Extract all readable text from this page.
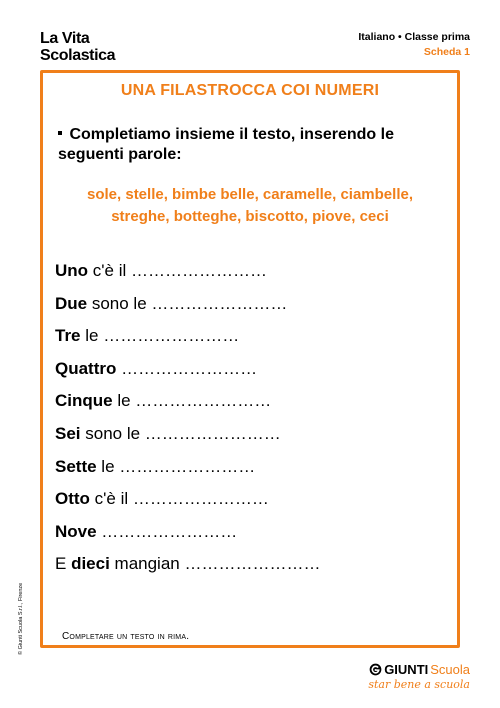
La Vita
Scolastica
Italiano • Classe prima
Scheda 1
UNA FILASTROCCA COI NUMERI
Completiamo insieme il testo, inserendo le seguenti parole:
sole, stelle, bimbe belle, caramelle, ciambelle,
streghe, botteghe, biscotto, piove, ceci
Uno c'è il ……………………
Due sono le ……………………
Tre le ……………………
Quattro ……………………
Cinque le ……………………
Sei sono le ……………………
Sette le ……………………
Otto c'è il ……………………
Nove ……………………
E dieci mangian ……………………
Completare un testo in rima.
© Giunti Scuola S.r.l., Firenze
GIUNTI Scuola
star bene a scuola
